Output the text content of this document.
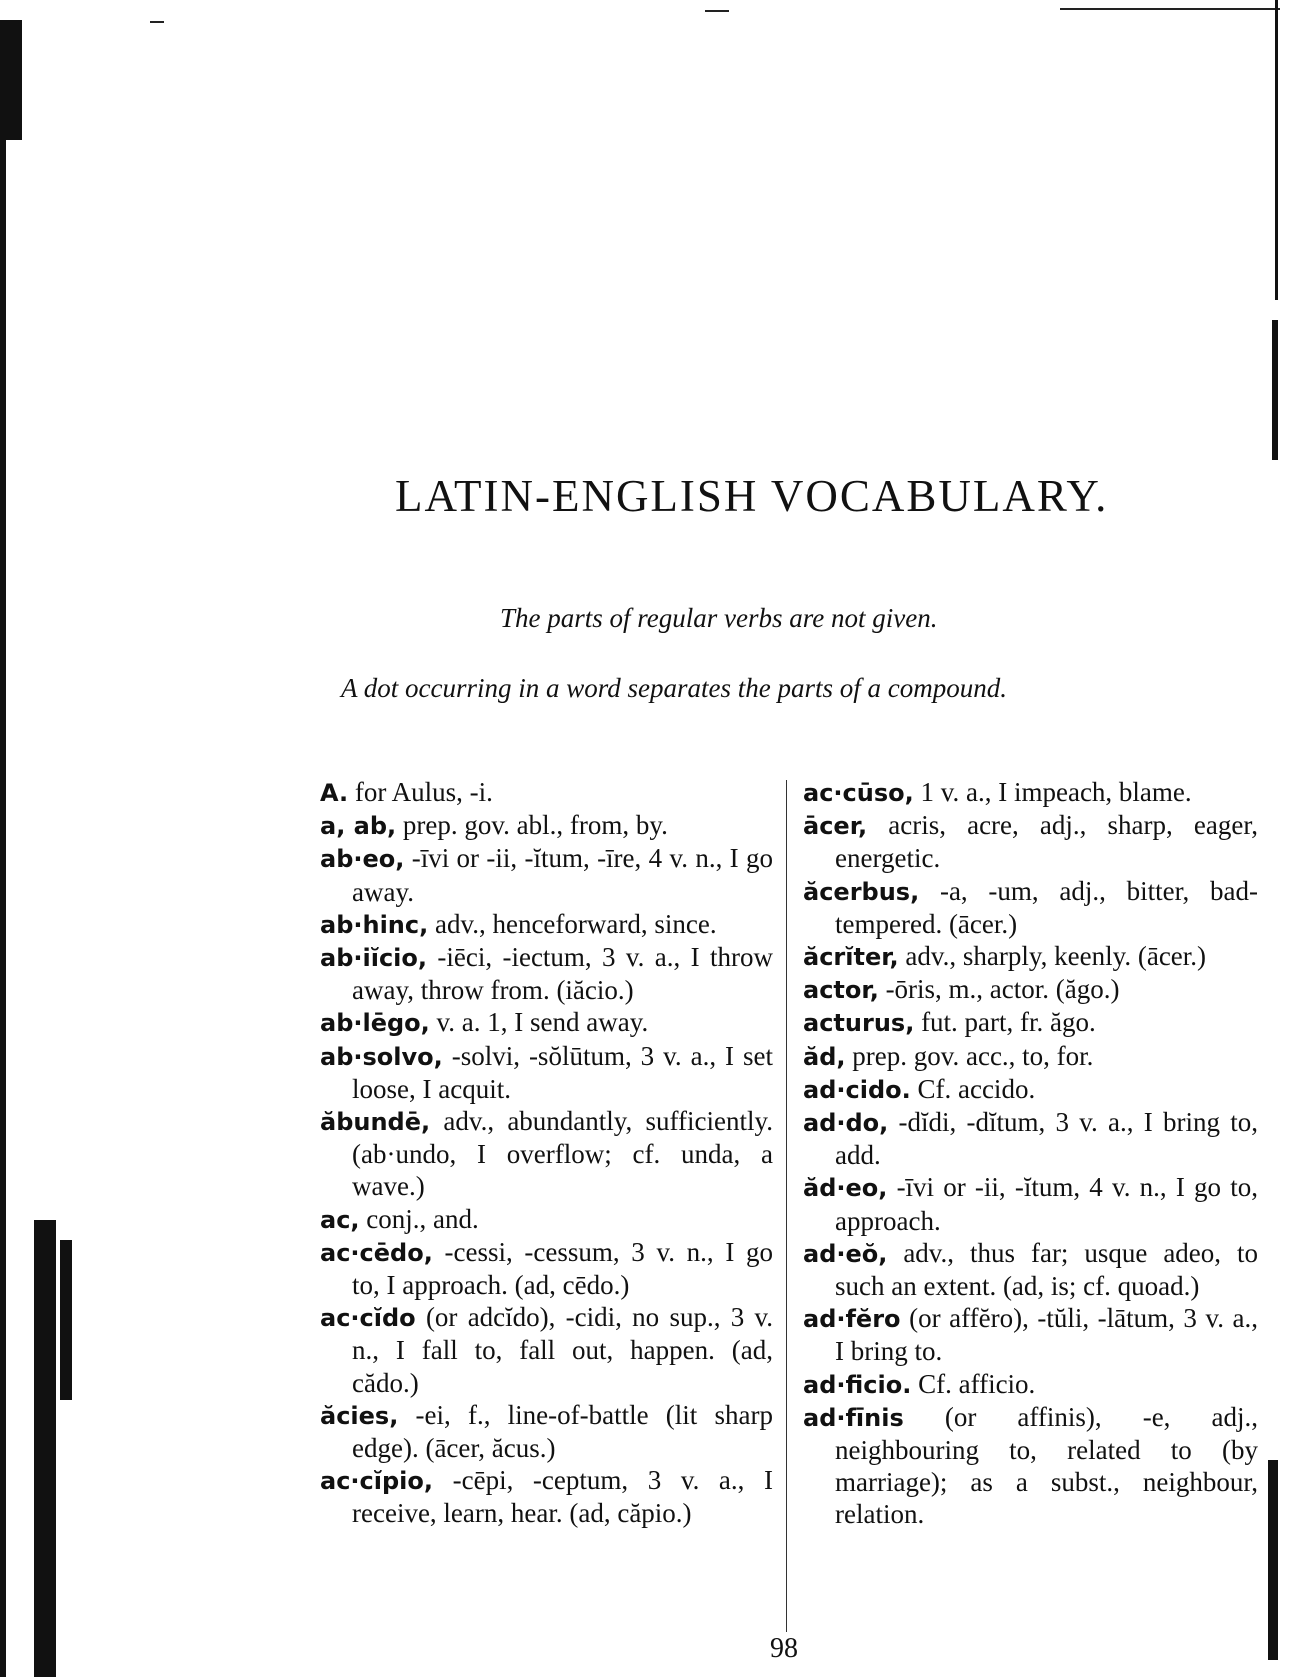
LATIN-ENGLISH VOCABULARY.
The parts of regular verbs are not given.
A dot occurring in a word separates the parts of a compound.

A. for Aulus, -i.

a, ab, prep. gov. abl., from, by.

ab·eo, -īvi or -ii, -ĭtum, -īre, 4 v. n., I go away.

ab·hinc, adv., henceforward, since.

ab·iĭcio, -iēci, -iectum, 3 v. a., I throw away, throw from. (iăcio.)

ab·lēgo, v. a. 1, I send away.

ab·solvo, -solvi, -sŏlūtum, 3 v. a., I set loose, I acquit.

ăbundē, adv., abundantly, sufficiently. (ab·undo, I overflow; cf. unda, a wave.)

ac, conj., and.

ac·cēdo, -cessi, -cessum, 3 v. n., I go to, I approach. (ad, cēdo.)

ac·cĭdo (or adcĭdo), -cidi, no sup., 3 v. n., I fall to, fall out, happen. (ad, cădo.)

ăcies, -ei, f., line-of-battle (lit sharp edge). (ācer, ăcus.)

ac·cĭpio, -cēpi, -ceptum, 3 v. a., I receive, learn, hear. (ad, căpio.)

ac·cūso, 1 v. a., I impeach, blame.

ācer, acris, acre, adj., sharp, eager, energetic.

ăcerbus, -a, -um, adj., bitter, bad-tempered. (ācer.)

ăcrĭter, adv., sharply, keenly. (ācer.)

actor, -ōris, m., actor. (ăgo.)

acturus, fut. part, fr. ăgo.

ăd, prep. gov. acc., to, for.

ad·cido. Cf. accido.

ad·do, -dĭdi, -dĭtum, 3 v. a., I bring to, add.

ăd·eo, -īvi or -ii, -ĭtum, 4 v. n., I go to, approach.

ad·eŏ, adv., thus far; usque adeo, to such an extent. (ad, is; cf. quoad.)

ad·fĕro (or affĕro), -tŭli, -lātum, 3 v. a., I bring to.

ad·ficio. Cf. afficio.

ad·fīnis (or affinis), -e, adj., neighbouring to, related to (by marriage); as a subst., neighbour, relation.

98
